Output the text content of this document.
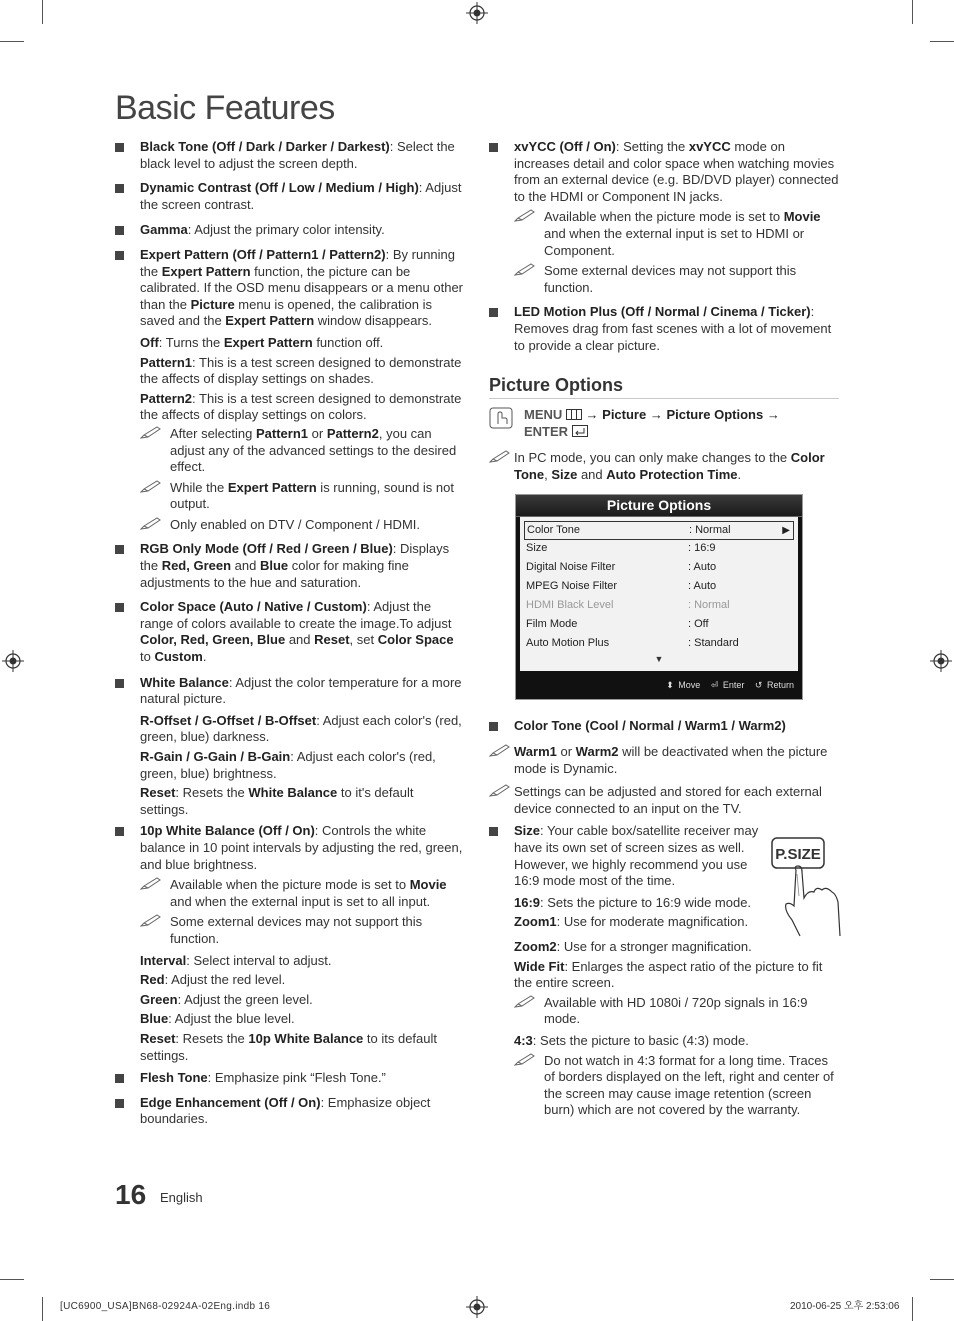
Basic Features
Black Tone (Off / Dark / Darker / Darkest): Select the black level to adjust the screen depth.
Dynamic Contrast (Off / Low / Medium / High): Adjust the screen contrast.
Gamma: Adjust the primary color intensity.
Expert Pattern (Off / Pattern1 / Pattern2): By running the Expert Pattern function, the picture can be calibrated. If the OSD menu disappears or a menu other than the Picture menu is opened, the calibration is saved and the Expert Pattern window disappears.
Off: Turns the Expert Pattern function off.
Pattern1: This is a test screen designed to demonstrate the affects of display settings on shades.
Pattern2: This is a test screen designed to demonstrate the affects of display settings on colors.
After selecting Pattern1 or Pattern2, you can adjust any of the advanced settings to the desired effect.
While the Expert Pattern is running, sound is not output.
Only enabled on DTV / Component / HDMI.
RGB Only Mode (Off / Red / Green / Blue): Displays the Red, Green and Blue color for making fine adjustments to the hue and saturation.
Color Space (Auto / Native / Custom): Adjust the range of colors available to create the image.To adjust Color, Red, Green, Blue and Reset, set Color Space to Custom.
White Balance: Adjust the color temperature for a more natural picture.
R-Offset / G-Offset / B-Offset: Adjust each color's (red, green, blue) darkness.
R-Gain / G-Gain / B-Gain: Adjust each color's (red, green, blue) brightness.
Reset: Resets the White Balance to it's default settings.
10p White Balance (Off / On): Controls the white balance in 10 point intervals by adjusting the red, green, and blue brightness.
Available when the picture mode is set to Movie and when the external input is set to all input.
Some external devices may not support this function.
Interval: Select interval to adjust.
Red: Adjust the red level.
Green: Adjust the green level.
Blue: Adjust the blue level.
Reset: Resets the 10p White Balance to its default settings.
Flesh Tone: Emphasize pink “Flesh Tone.”
Edge Enhancement (Off / On): Emphasize object boundaries.
xvYCC (Off / On): Setting the xvYCC mode on increases detail and color space when watching movies from an external device (e.g. BD/DVD player) connected to the HDMI or Component IN jacks.
Available when the picture mode is set to Movie and when the external input is set to HDMI or Component.
Some external devices may not support this function.
LED Motion Plus (Off / Normal / Cinema / Ticker): Removes drag from fast scenes with a lot of movement to provide a clear picture.
Picture Options
MENU  → Picture → Picture Options →
ENTER
In PC mode, you can only make changes to the Color Tone, Size and Auto Protection Time.
Picture Options
Color Tone	: Normal	▶
Size	: 16:9
Digital Noise Filter	: Auto
MPEG Noise Filter	: Auto
HDMI Black Level	: Normal
Film Mode	: Off
Auto Motion Plus	: Standard
▼
⬍ Move ⏎ Enter ↺ Return
Color Tone (Cool / Normal / Warm1 / Warm2)
Warm1 or Warm2 will be deactivated when the picture mode is Dynamic.
Settings can be adjusted and stored for each external device connected to an input on the TV.
Size: Your cable box/satellite receiver may have its own set of screen sizes as well. However, we highly recommend you use 16:9 mode most of the time.
16:9: Sets the picture to 16:9 wide mode.
Zoom1: Use for moderate magnification.
Zoom2: Use for a stronger magnification.
Wide Fit: Enlarges the aspect ratio of the picture to fit the entire screen.
Available with HD 1080i / 720p signals in 16:9 mode.
4:3: Sets the picture to basic (4:3) mode.
Do not watch in 4:3 format for a long time. Traces of borders displayed on the left, right and center of the screen may cause image retention (screen burn) which are not covered by the warranty.
P.SIZE
16 English
[UC6900_USA]BN68-02924A-02Eng.indb 16	2010-06-25 오후 2:53:06
